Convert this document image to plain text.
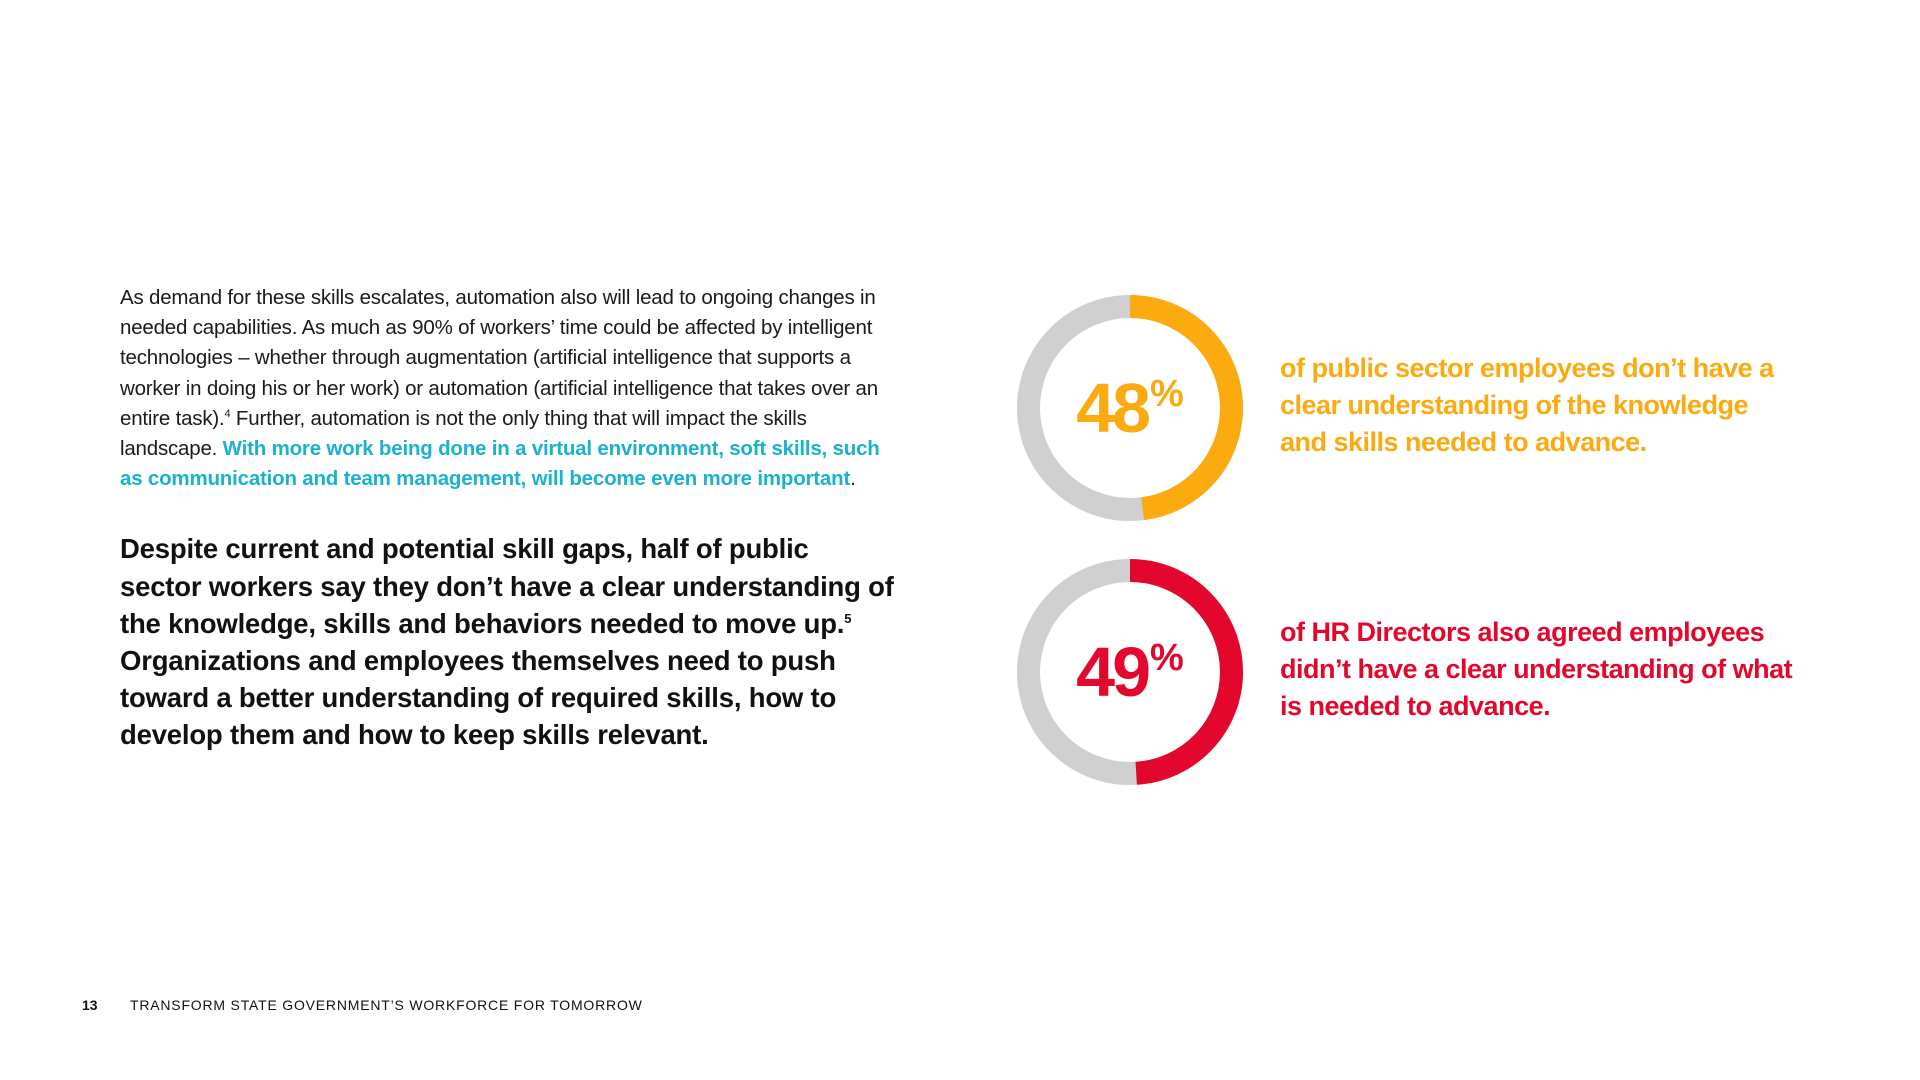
As demand for these skills escalates, automation also will lead to ongoing changes in needed capabilities. As much as 90% of workers’ time could be affected by intelligent technologies – whether through augmentation (artificial intelligence that supports a worker in doing his or her work) or automation (artificial intelligence that takes over an entire task).$^4$ Further, automation is not the only thing that will impact the skills landscape. With more work being done in a virtual environment, soft skills, such as communication and team management, will become even more important.

Despite current and potential skill gaps, half of public sector workers say they don’t have a clear understanding of the knowledge, skills and behaviors needed to move up.$^5$ Organizations and employees themselves need to push toward a better understanding of required skills, how to develop them and how to keep skills relevant.

48 %

of public sector employees don’t have a clear understanding of the knowledge and skills needed to advance.

49 %

of HR Directors also agreed employees didn’t have a clear understanding of what is needed to advance.

13	TRANSFORM STATE GOVERNMENT’S WORKFORCE FOR TOMORROW
